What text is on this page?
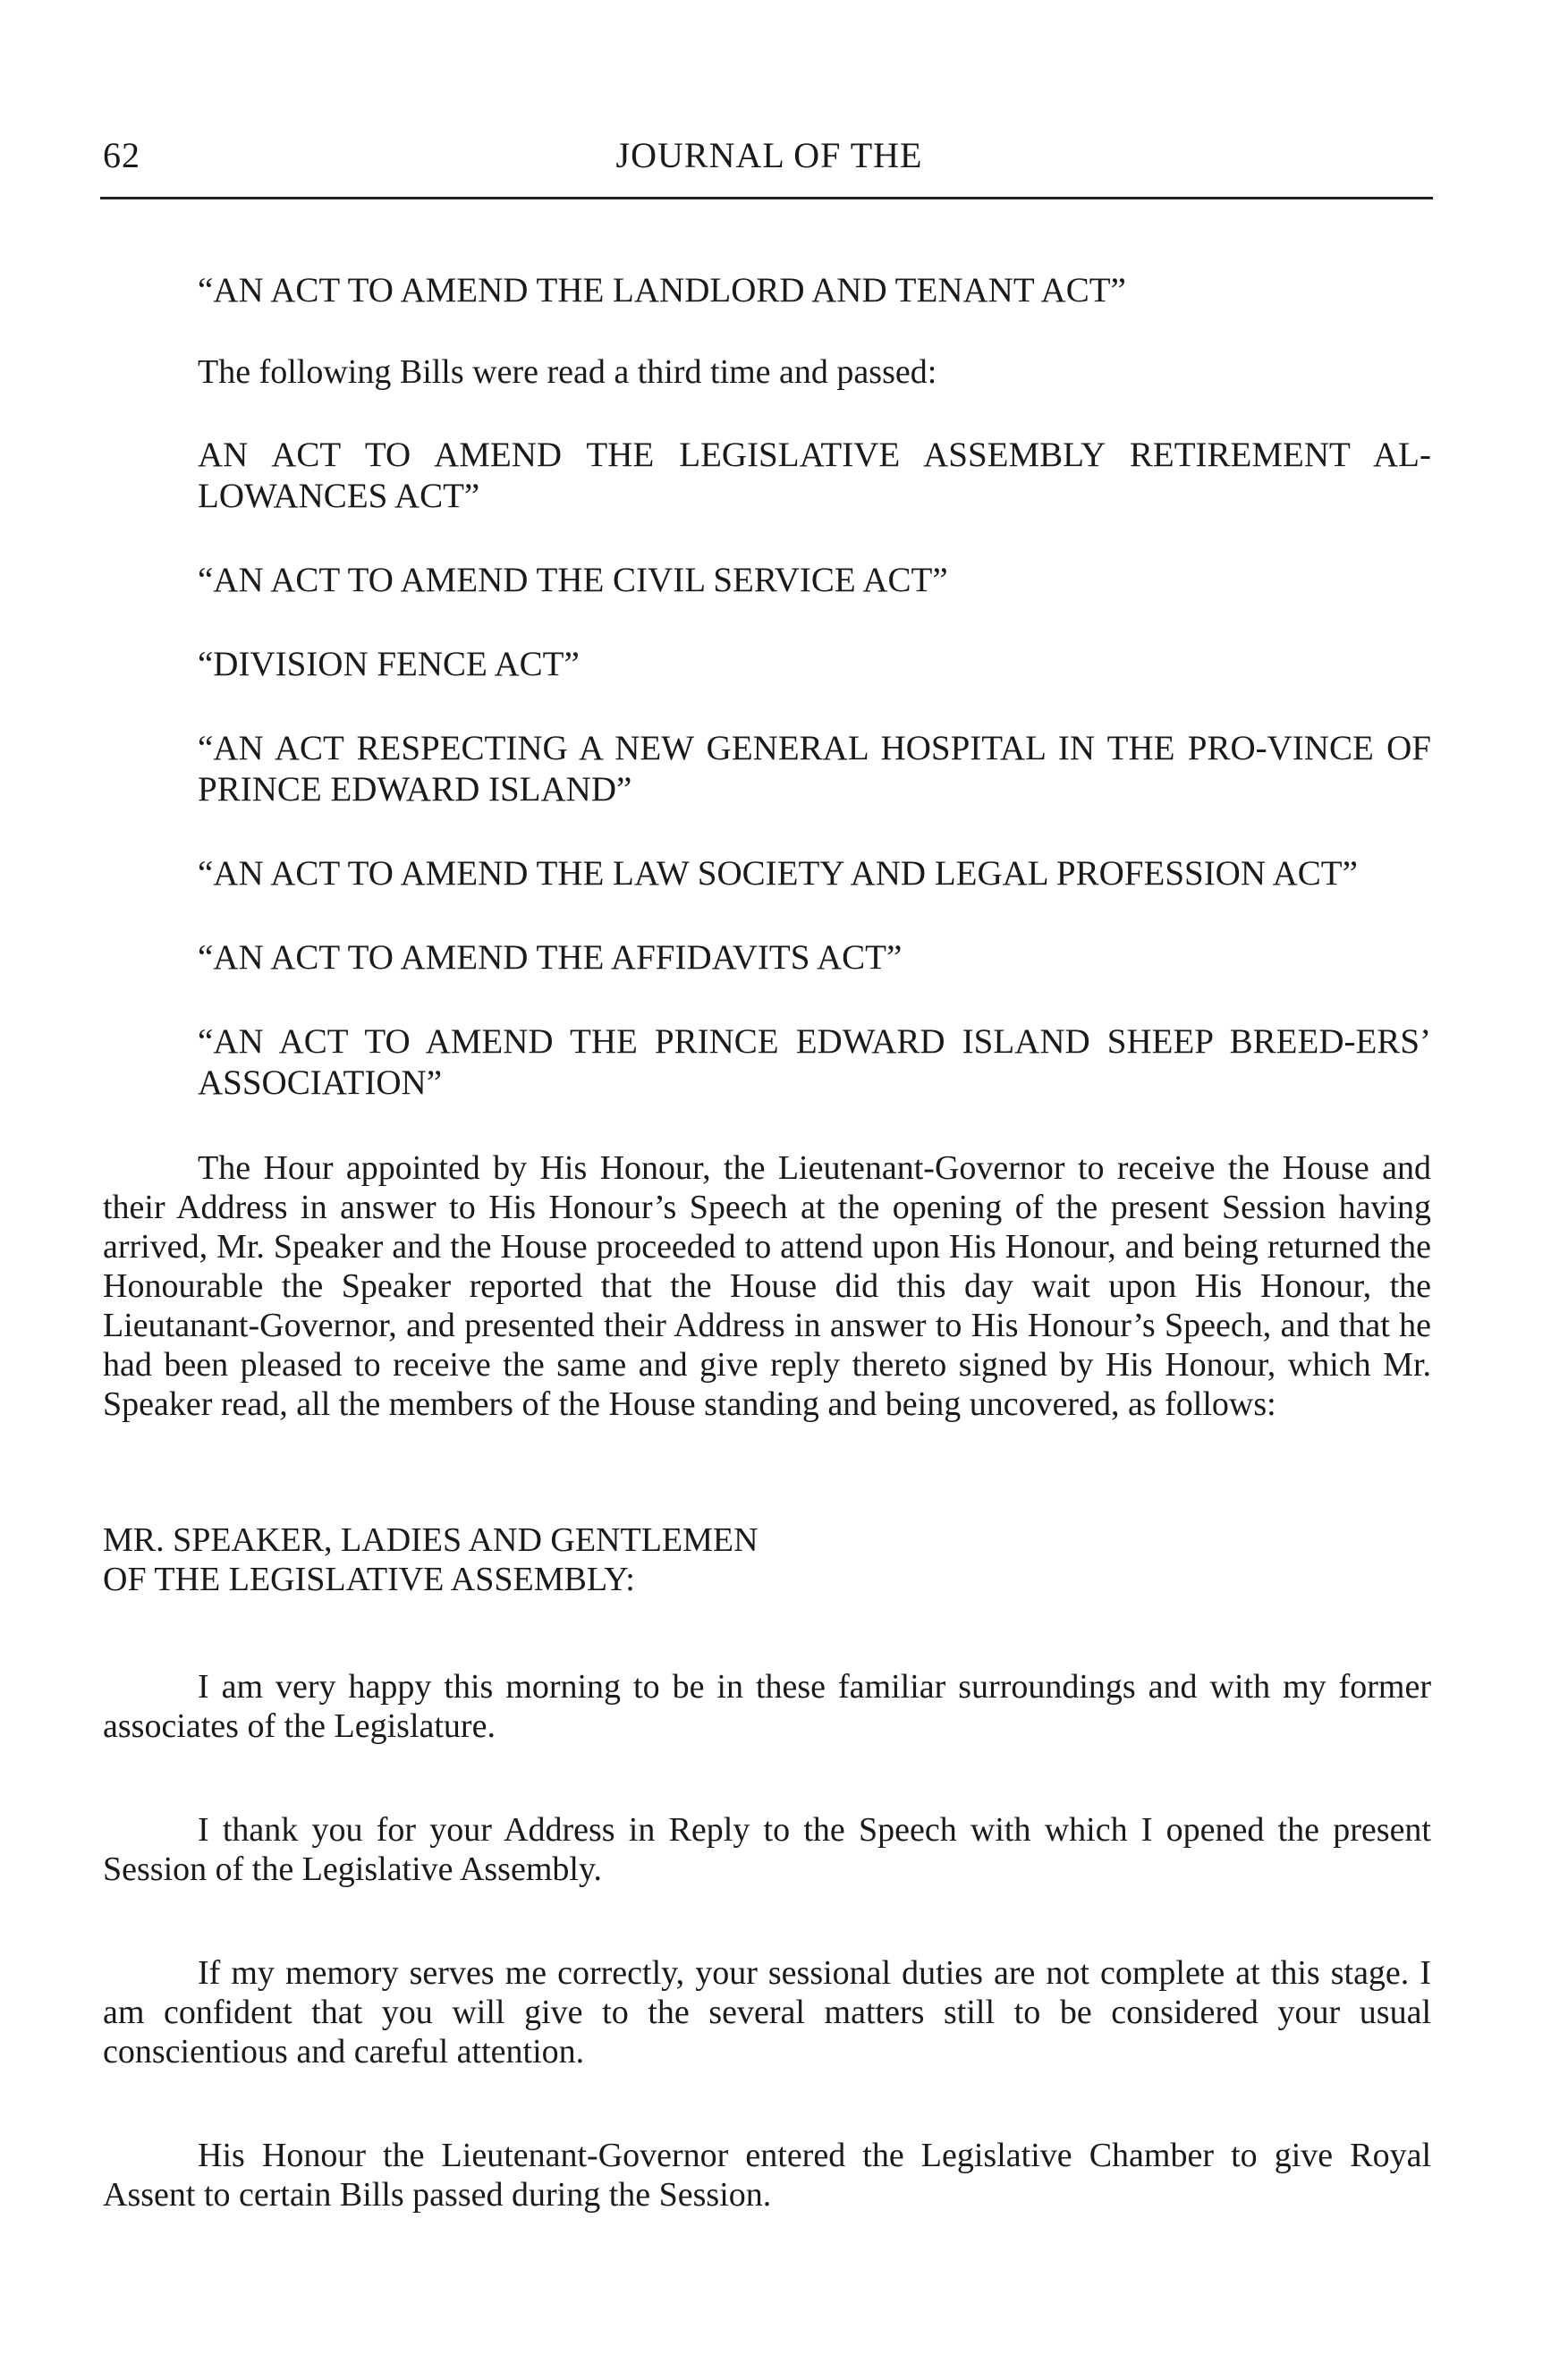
62	JOURNAL OF THE

“AN ACT TO AMEND THE LANDLORD AND TENANT ACT”

The following Bills were read a third time and passed:

AN ACT TO AMEND THE LEGISLATIVE ASSEMBLY RETIREMENT AL-LOWANCES ACT”

“AN ACT TO AMEND THE CIVIL SERVICE ACT”

“DIVISION FENCE ACT”

“AN ACT RESPECTING A NEW GENERAL HOSPITAL IN THE PRO-VINCE OF PRINCE EDWARD ISLAND”

“AN ACT TO AMEND THE LAW SOCIETY AND LEGAL PROFESSION ACT”

“AN ACT TO AMEND THE AFFIDAVITS ACT”

“AN ACT TO AMEND THE PRINCE EDWARD ISLAND SHEEP BREED-ERS’ ASSOCIATION”

The Hour appointed by His Honour, the Lieutenant-Governor to receive the House and their Address in answer to His Honour’s Speech at the opening of the present Session having arrived, Mr. Speaker and the House proceeded to attend upon His Honour, and being returned the Honourable the Speaker reported that the House did this day wait upon His Honour, the Lieutanant-Governor, and presented their Address in answer to His Honour’s Speech, and that he had been pleased to receive the same and give reply thereto signed by His Honour, which Mr. Speaker read, all the members of the House standing and being uncovered, as follows:

MR. SPEAKER, LADIES AND GENTLEMEN

OF THE LEGISLATIVE ASSEMBLY:

I am very happy this morning to be in these familiar surroundings and with my former associates of the Legislature.

I thank you for your Address in Reply to the Speech with which I opened the present Session of the Legislative Assembly.

If my memory serves me correctly, your sessional duties are not complete at this stage. I am confident that you will give to the several matters still to be considered your usual conscientious and careful attention.

His Honour the Lieutenant-Governor entered the Legislative Chamber to give Royal Assent to certain Bills passed during the Session.
